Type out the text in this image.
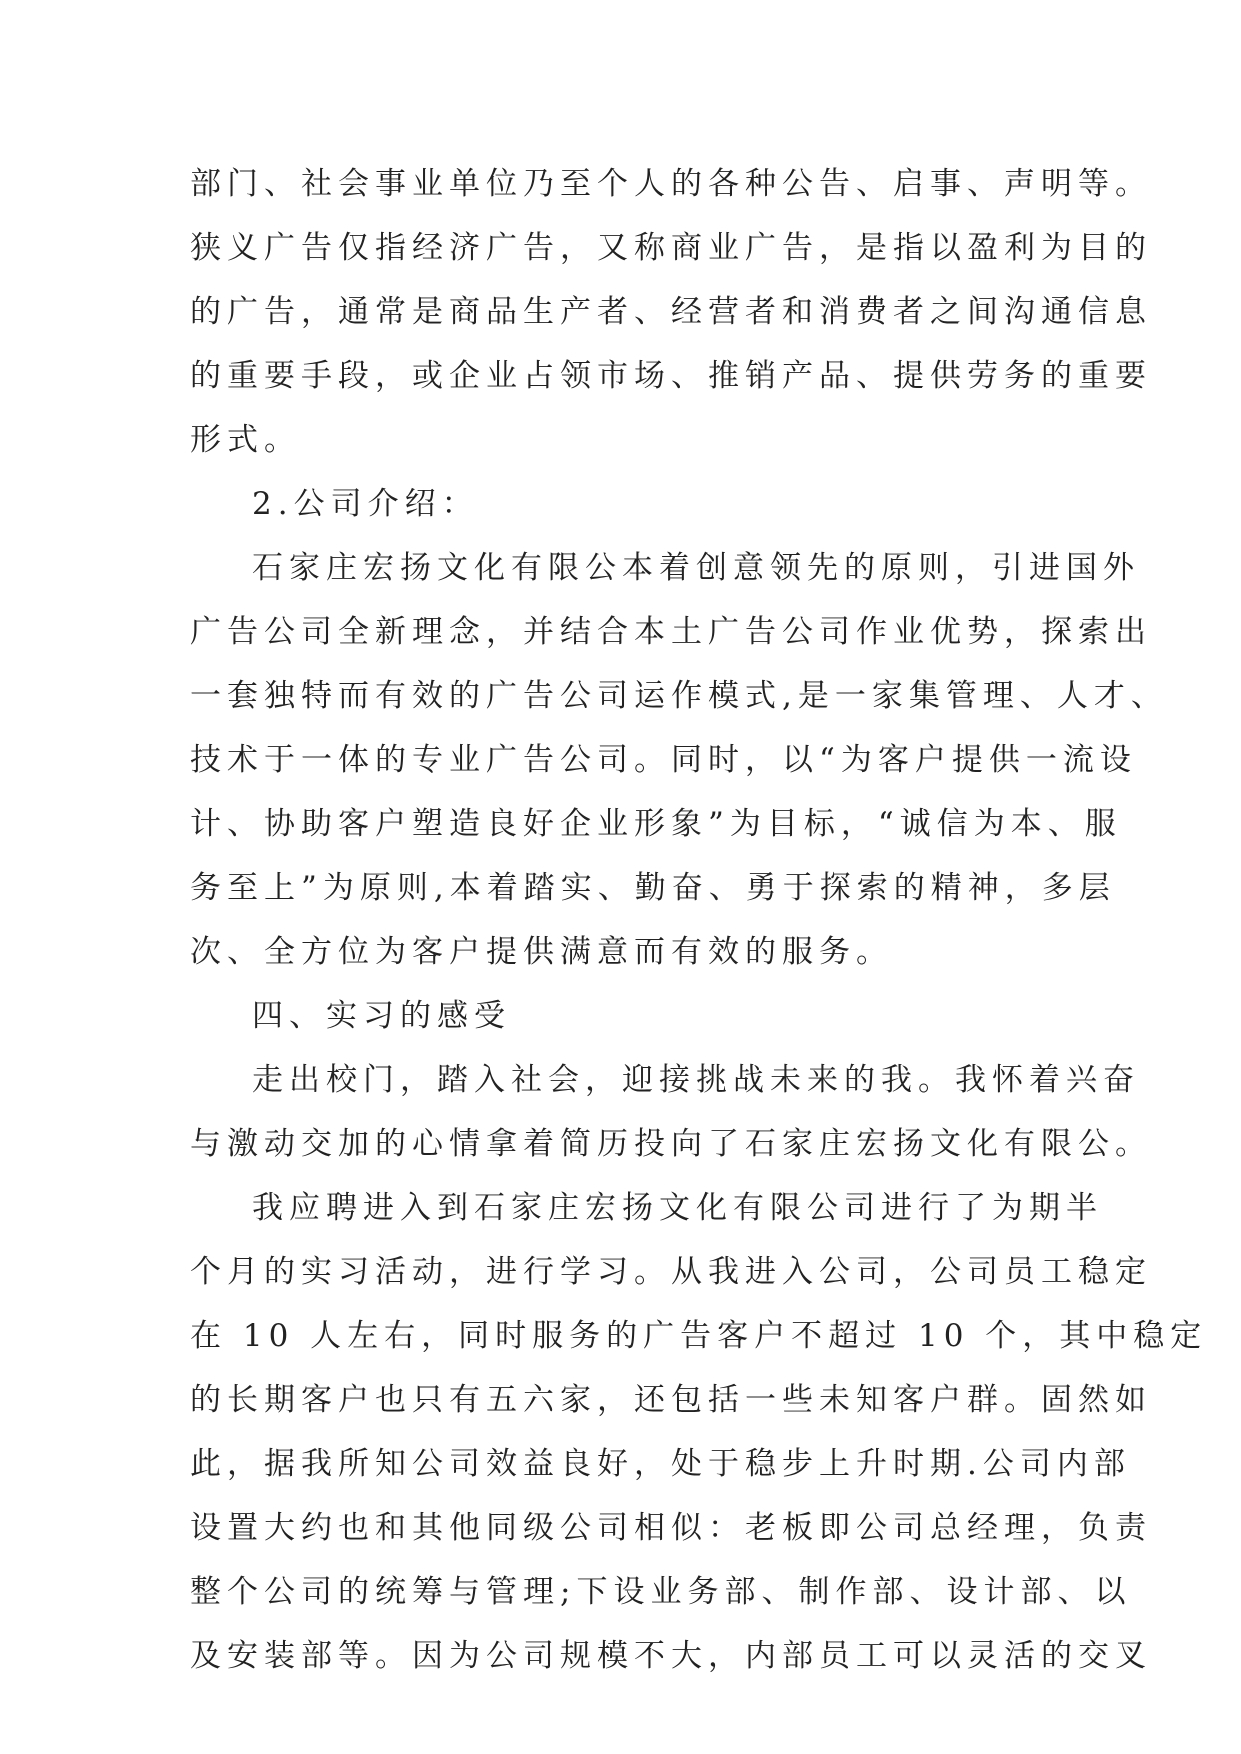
部门、社会事业单位乃至个人的各种公告、启事、声明等。
狭义广告仅指经济广告，又称商业广告，是指以盈利为目的
的广告，通常是商品生产者、经营者和消费者之间沟通信息
的重要手段，或企业占领市场、推销产品、提供劳务的重要
形式。
2.公司介绍：
石家庄宏扬文化有限公本着创意领先的原则，引进国外
广告公司全新理念，并结合本土广告公司作业优势，探索出
一套独特而有效的广告公司运作模式,是一家集管理、人才、
技术于一体的专业广告公司。同时，以“为客户提供一流设
计、协助客户塑造良好企业形象”为目标，“诚信为本、服
务至上”为原则,本着踏实、勤奋、勇于探索的精神，多层
次、全方位为客户提供满意而有效的服务。
四、实习的感受
走出校门，踏入社会，迎接挑战未来的我。我怀着兴奋
与激动交加的心情拿着简历投向了石家庄宏扬文化有限公。
我应聘进入到石家庄宏扬文化有限公司进行了为期半
个月的实习活动，进行学习。从我进入公司，公司员工稳定
在 10 人左右，同时服务的广告客户不超过 10 个，其中稳定
的长期客户也只有五六家，还包括一些未知客户群。固然如
此，据我所知公司效益良好，处于稳步上升时期.公司内部
设置大约也和其他同级公司相似：老板即公司总经理，负责
整个公司的统筹与管理;下设业务部、制作部、设计部、以
及安装部等。因为公司规模不大，内部员工可以灵活的交叉
